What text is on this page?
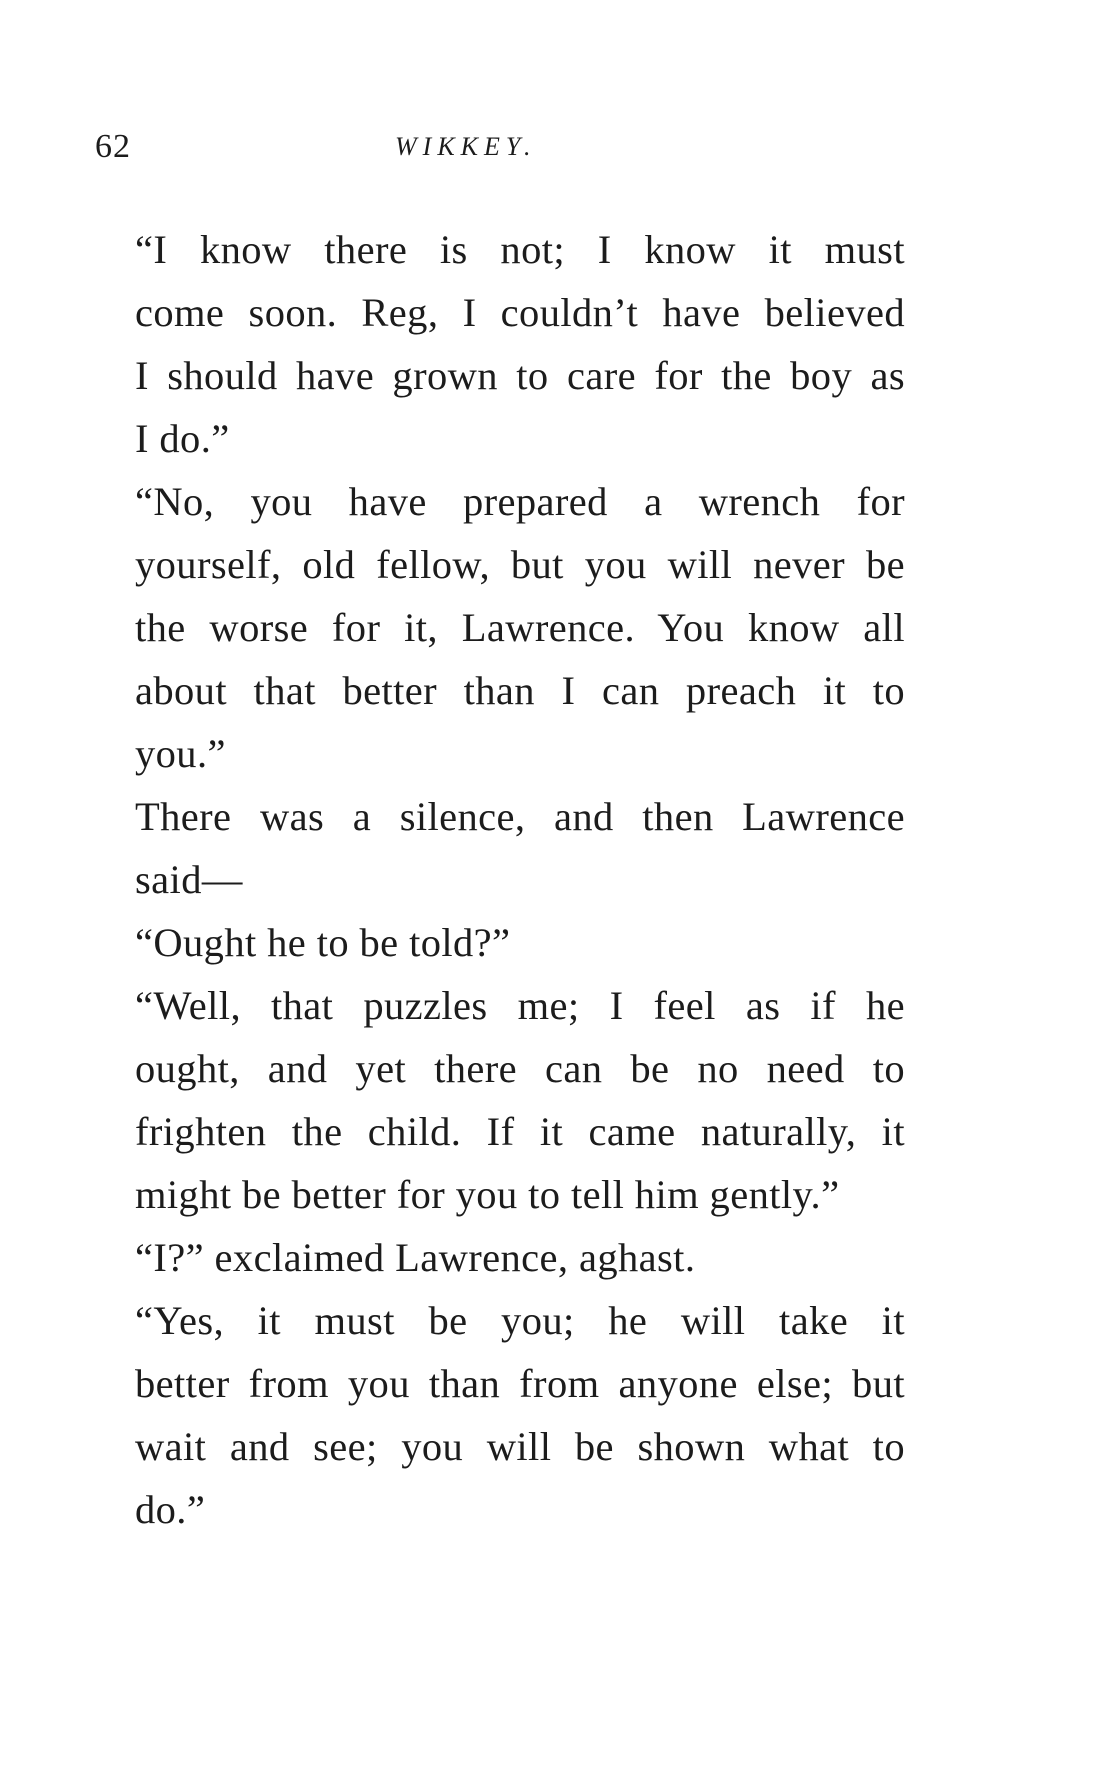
62	WIKKEY.

“I know there is not; I know it must
come soon. Reg, I couldn’t have believed
I should have grown to care for the boy as
I do.”

“No, you have prepared a wrench for
yourself, old fellow, but you will never be
the worse for it, Lawrence. You know all
about that better than I can preach it to
you.”

There was a silence, and then Lawrence
said—

“Ought he to be told?”

“Well, that puzzles me; I feel as if he
ought, and yet there can be no need to
frighten the child. If it came naturally, it
might be better for you to tell him gently.”

“I?” exclaimed Lawrence, aghast.

“Yes, it must be you; he will take it
better from you than from anyone else; but
wait and see; you will be shown what to
do.”
